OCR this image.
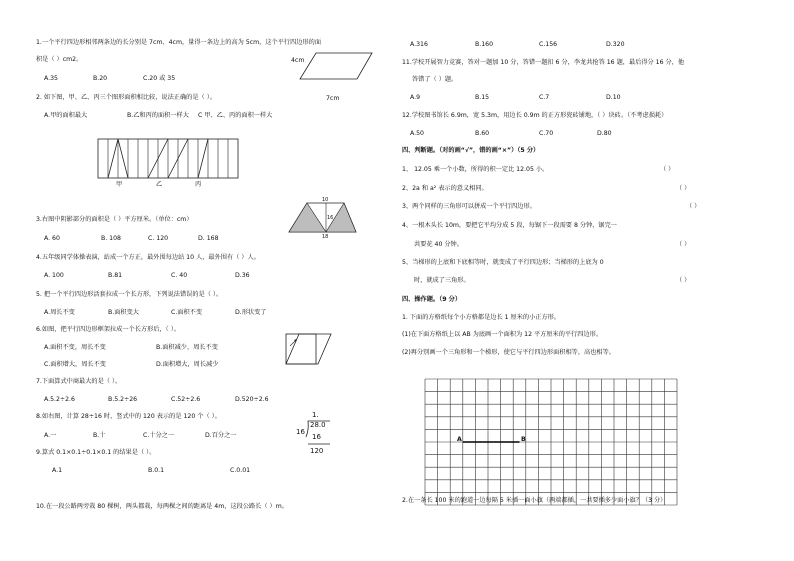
1.一个平行四边形相邻两条边的长分别是 7cm、4cm，量得一条边上的高为 5cm，这个平行四边形的面
积是（ ）cm2。	4cm
7cm
A.35	B.20	C.20 或 35
2. 如下图，甲、乙、丙三个图形面积相比较，说法正确的是（ ）。
A.甲的面积最大	B.乙和丙的面积一样大 C 甲、乙、丙的面积一样大
甲	乙	丙
3.右图中阴影部分的面积是（ ）平方厘米。（单位：cm）
10
16
18
A. 60	B. 108	C. 120	D. 168
4.五年级同学体操表演，站成一个方正，最外围每边站 10 人，最外围有（ ）人。
A. 100	B.81	C. 40	D.36
5. 把一个平行四边形活套拉成一个长方形，下列说法错误的是（ ）。
A.周长不变	B.面积变大	C.面积不变	D.形状变了
6.如图，把平行四边形框架拉成一个长方形后，（ ）。
A.面积不变，周长不变	B.面积减少，周长不变
C.面积增大，周长不变	D.面积增大，周长减少
7.下面算式中商最大的是（ ）。
A.5.2÷2.6	B.5.2÷26	C.52÷2.6	D.520÷2.6
8.如右图，计算 28÷16 时，竖式中的 120 表示的是 120 个（ ）。
A.一	B.十	C.十分之一	D.百分之一
1.
16
28.0
16
120
9.算式 0.1×0.1÷0.1×0.1 的结果是（ ）。
A.1	B.0.1	C.0.01
10.在一段公路两旁栽 80 棵树，两头都栽，每两棵之间的距离是 4m，这段公路长（ ）m。
A.316	B.160	C.156	D.320
11.学校开展智力竞赛，答对一题加 10 分，答错一题扣 6 分，李龙共抢答 16 题，最后得分 16 分，他
答错了（ ）题。
A.9	B.15	C.7	D.10
12.学校图书馆长 6.9m，宽 5.3m，用边长 0.9m 的正方形瓷砖铺地，（ ）块砖。（不考虑损耗）
A.50	B.60	C.70	D.80
四、判断题。（对的画“√”，错的画“×”）（5 分）
1、 12.05 乘一个小数，所得的积一定比 12.05 小。	（ ）
2、2a 和 a² 表示的意义相同。	（ ）
3、两个同样的三角形可以拼成一个平行四边形。	（ ）
4、一根木头长 10m，要把它平均分成 5 段，每锯下一段需要 8 分钟，锯完一
共要花 40 分钟。	（ ）
5、当梯形的上底和下底相等时，就变成了平行四边形；当梯形的上底为 0
时，就成了三角形。	（ ）
四、操作题。（9 分）
1. 下面的方格纸每个小方格都是边长 1 厘米的小正方形。
(1)在下面方格纸上以 AB 为底画一个面积为 12 平方厘米的平行四边形。
(2)再分别画一个三角形和一个梯形，使它与平行四边形面积相等，高也相等。
A	B
2.在一条长 100 米的跑道一边每隔 5 米插一面小旗（两端都插，一共要插多少面小旗？（3 分）
